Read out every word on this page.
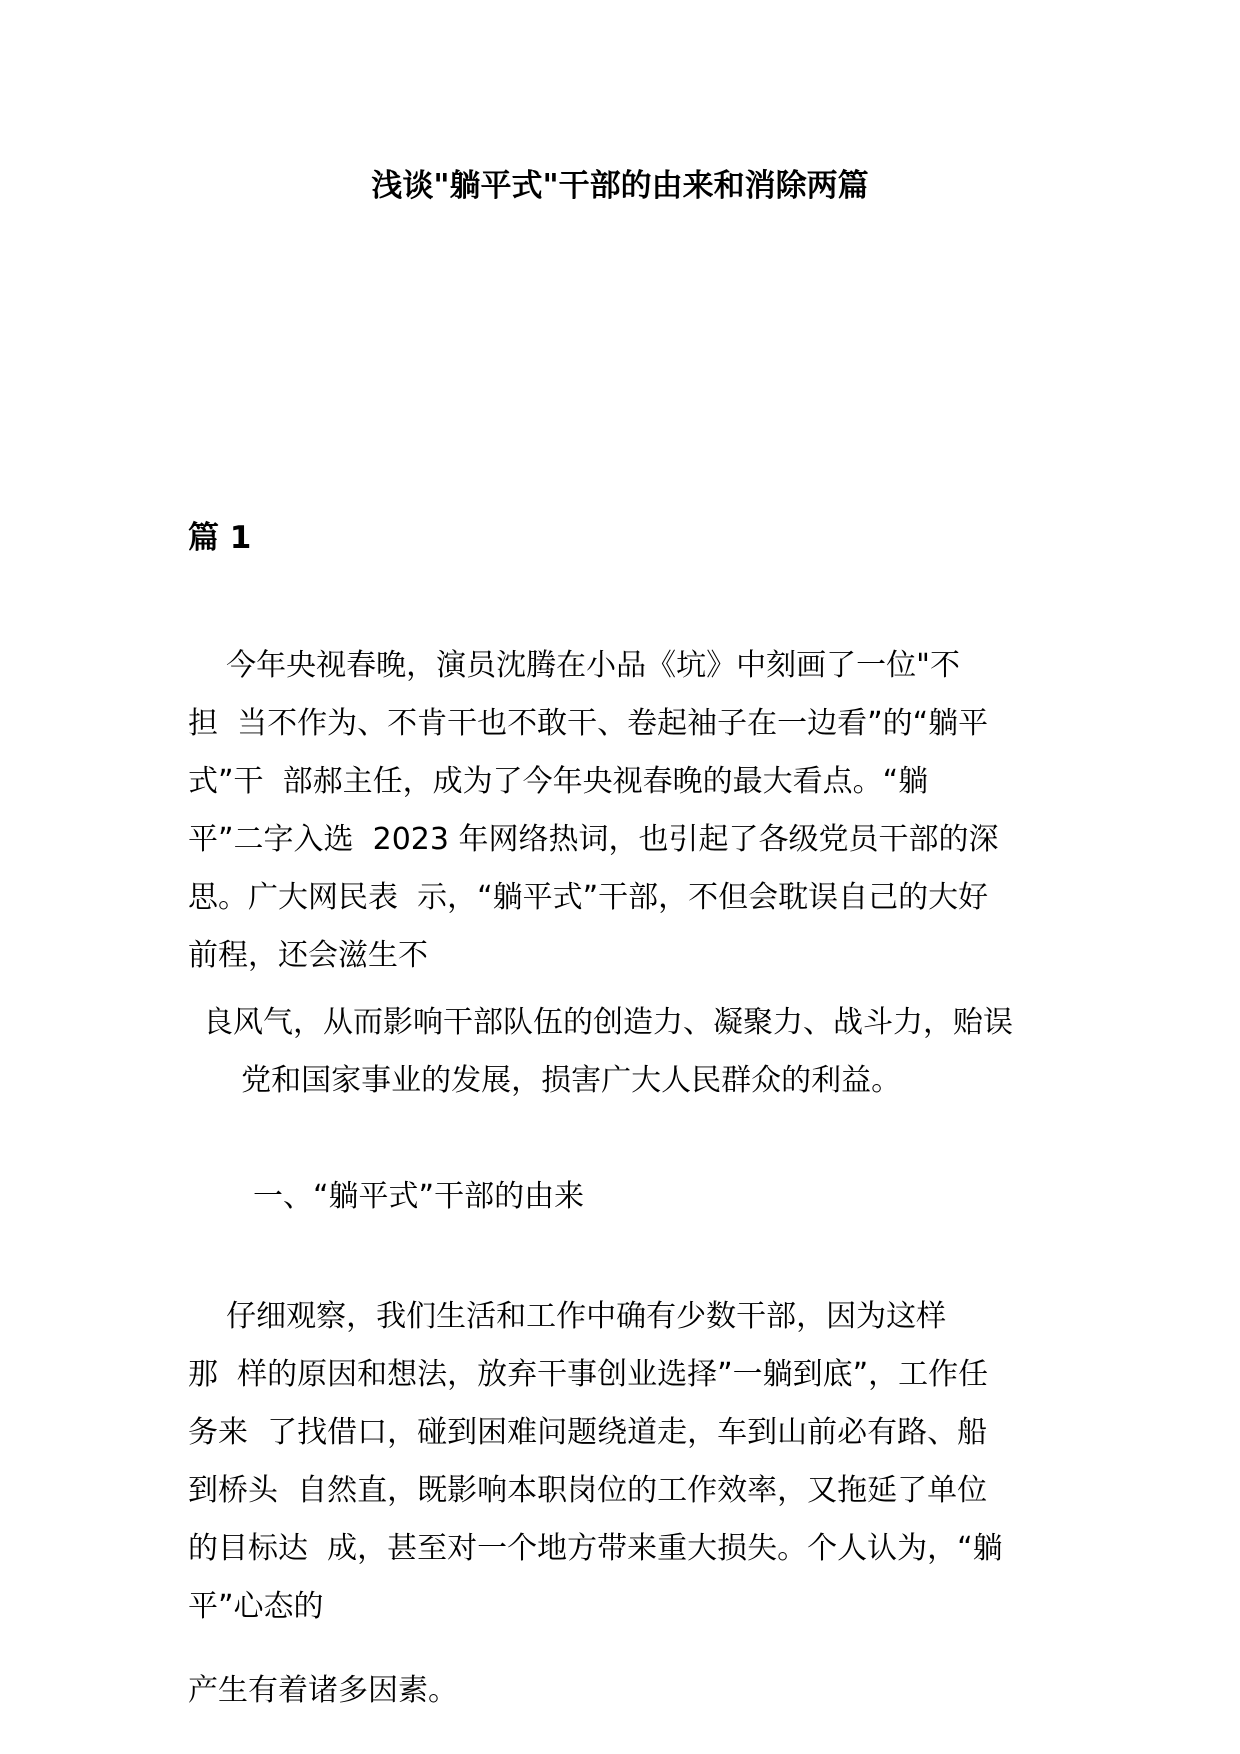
浅谈"躺平式"干部的由来和消除两篇
篇 1
今年央视春晚，演员沈腾在小品《坑》中刻画了一位"不
担  当不作为、不肯干也不敢干、卷起袖子在一边看”的“躺平
式”干  部郝主任，成为了今年央视春晚的最大看点。“躺
平”二字入选  2023 年网络热词，也引起了各级党员干部的深
思。广大网民表  示，“躺平式”干部，不但会耽误自己的大好
前程，还会滋生不
良风气，从而影响干部队伍的创造力、凝聚力、战斗力，贻误
党和国家事业的发展，损害广大人民群众的利益。
一、“躺平式”干部的由来
仔细观察，我们生活和工作中确有少数干部，因为这样
那  样的原因和想法，放弃干事创业选择”一躺到底”，工作任
务来  了找借口，碰到困难问题绕道走，车到山前必有路、船
到桥头  自然直，既影响本职岗位的工作效率，又拖延了单位
的目标达  成，甚至对一个地方带来重大损失。个人认为，“躺
平”心态的
产生有着诸多因素。
